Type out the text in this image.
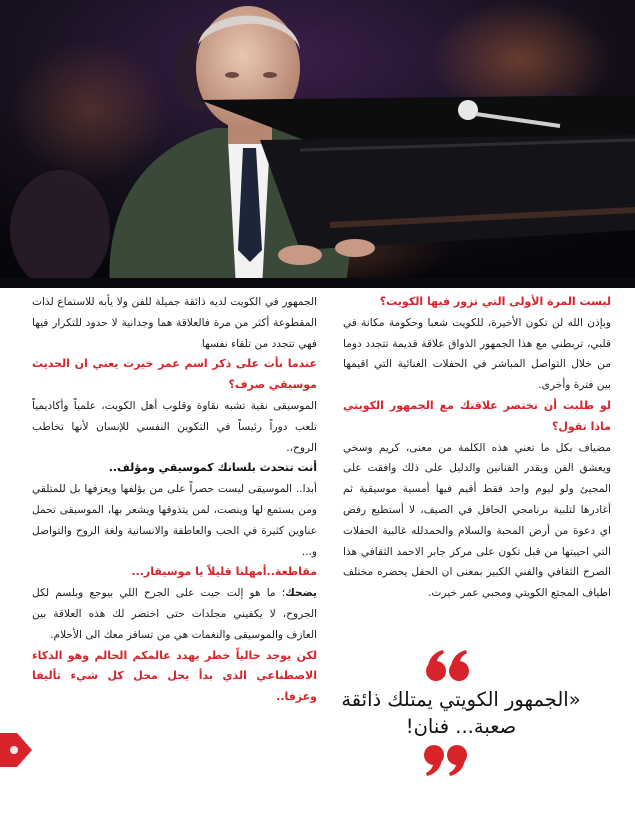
ليست المرة الأولى التي تزور فيها الكويت؟

وبإذن الله لن تكون الأخيرة، للكويت شعبا وحكومة مكانة في قلبي، تربطني مع هذا الجمهور الذواق علاقة قديمة تتجدد دوما من خلال التواصل المباشر في الحفلات الغنائية التي اقيمها بين فترة وأخرى.

لو طلبت أن تختصر علاقتك مع الجمهور الكويتي ماذا تقول؟

مضياف بكل ما تعني هذه الكلمة من معنى، كريم وسخي ويعشق الفن ويقدر الفنانين والدليل على ذلك وافقت على المجيئ ولو ليوم واحد فقط أقيم فيها أمسية موسيقية ثم أغادرها لتلبية برنامجي الحافل في الصيف، لا أستطيع رفض اي دعوة من أرض المحبة والسلام والحمدلله غالبية الحفلات التي احييتها من قبل تكون على مركز جابر الاحمد الثقافي هذا الصرح الثقافي والفني الكبير بمعنى ان الحفل يحضره مختلف اطياف المجتع الكويتي ومحبي عمر خيرت.

الجمهور في الكويت لديه ذائقة جميلة للفن ولا يأبه للاستماع لذات المقطوعة أكثر من مرة فالعلاقة هما وجدانية لا حدود للتكرار فيها فهي تتجدد من تلقاء نفسها

عندما نأت على ذكر اسم عمر خيرت يعني ان الحديث موسيقي صرف؟

الموسيقى نقية تشبه نقاوة وقلوب أهل الكويت، علمياً وأكاديمياً تلعب دوراً رئيساً في التكوين النفسي للإنسان لأنها تخاطب الروح،.

أنت تتحدث بلسانك كموسيقي ومؤلف..

أبدا.. الموسيقى ليست حصراً على من يؤلفها ويعزفها بل للمتلقي ومن يستمع لها وينصت، لمن يتذوقها ويشعر بها، الموسيقى تحمل عناوين كثيرة في الحب والعاطفة والانسانية ولغة الروح والتواصل و...

مقاطعة..أمهلنا قليلاً يا موسيقار...

يضحك؛ ما هو إلت جيت على الجرح اللي بيوجع وبلسم لكل الجروح، لا يكفيني مجلدات حتى اختصر لك هذه العلاقة بين العازف والموسيقى والنغمات هي من تسافر معك الى الأحلام.

لكن يوجد حالياً خطر يهدد عالمكم الحالم وهو الذكاء الاصطناعي الذي بدأ يحل محل كل شيء تأليفا وعزفا..	«الجمهور الكويتي يمتلك ذائقة صعبة... فنان!
